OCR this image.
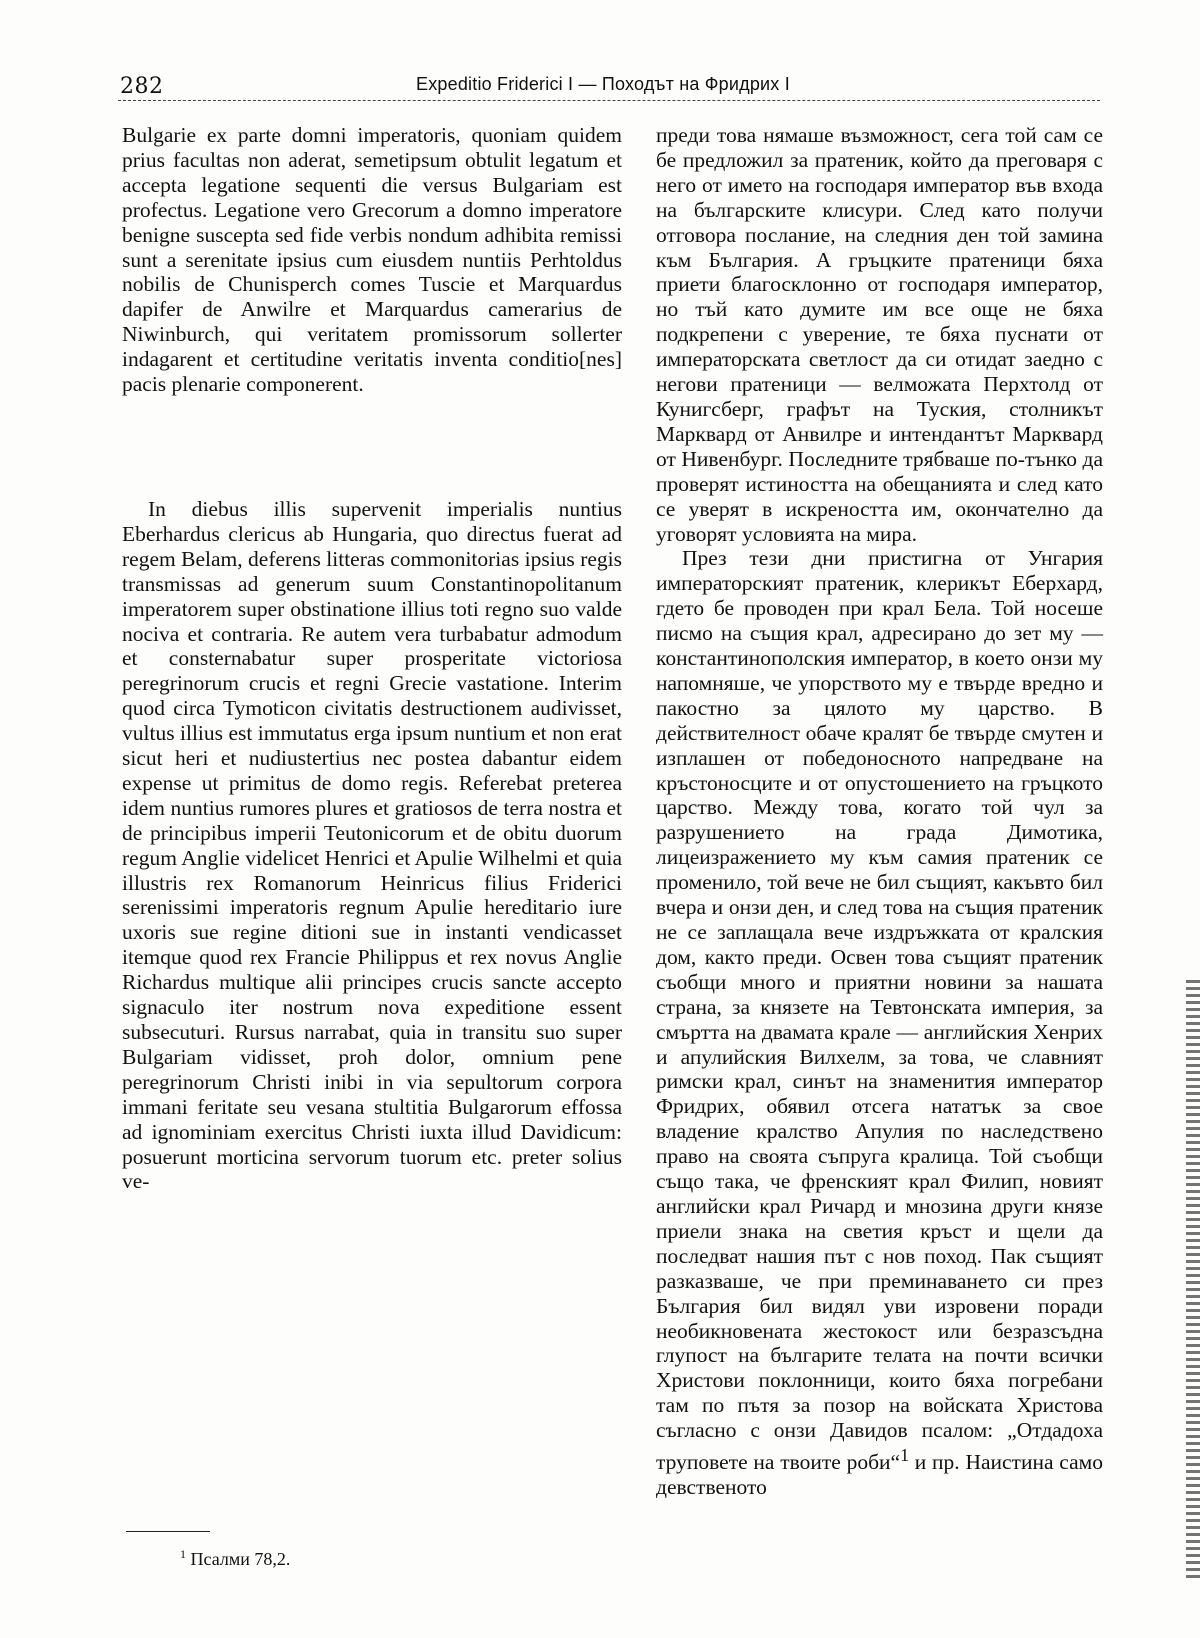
282	Expeditio Friderici I — Походът на Фридрих I

Bulgarie ex parte domni imperatoris, quoniam quidem prius facultas non aderat, semetipsum obtulit legatum et accepta legatione sequenti die versus Bulgariam est profectus. Legatione vero Grecorum a domno imperatore benigne suscepta sed fide verbis nondum adhibita remissi sunt a serenitate ipsius cum eiusdem nuntiis Perhtoldus nobilis de Chunisperch comes Tuscie et Marquardus dapifer de Anwilre et Marquardus camerarius de Niwinburch, qui veritatem promissorum sollerter indagarent et certitudine veritatis inventa conditio[nes] pacis plenarie componerent.

In diebus illis supervenit imperialis nuntius Eberhardus clericus ab Hungaria, quo directus fuerat ad regem Belam, deferens litteras commonitorias ipsius regis transmissas ad generum suum Constantinopolitanum imperatorem super obstinatione illius toti regno suo valde nociva et contraria. Re autem vera turbabatur admodum et consternabatur super prosperitate victoriosa peregrinorum crucis et regni Grecie vastatione. Interim quod circa Tymoticon civitatis destructionem audivisset, vultus illius est immutatus erga ipsum nuntium et non erat sicut heri et nudiustertius nec postea dabantur eidem expense ut primitus de domo regis. Referebat preterea idem nuntius rumores plures et gratiosos de terra nostra et de principibus imperii Teutonicorum et de obitu duorum regum Anglie videlicet Henrici et Apulie Wilhelmi et quia illustris rex Romanorum Heinricus filius Friderici serenissimi imperatoris regnum Apulie hereditario iure uxoris sue regine ditioni sue in instanti vendicasset itemque quod rex Francie Philippus et rex novus Anglie Richardus multique alii principes crucis sancte accepto signaculo iter nostrum nova expeditione essent subsecuturi. Rursus narrabat, quia in transitu suo super Bulgariam vidisset, proh dolor, omnium pene peregrinorum Christi inibi in via sepultorum corpora immani feritate seu vesana stultitia Bulgarorum effossa ad ignominiam exercitus Christi iuxta illud Davidicum: posuerunt morticina servorum tuorum etc. preter solius ve-

преди това нямаше възможност, сега той сам се бе предложил за пратеник, който да преговаря с него от името на господаря император във входа на българските клисури. След като получи отговора послание, на следния ден той замина към България. А гръцките пратеници бяха приети благосклонно от господаря император, но тъй като думите им все още не бяха подкрепени с уверение, те бяха пуснати от императорската светлост да си отидат заедно с негови пратеници — велможата Перхтолд от Кунигсберг, графът на Туския, столникът Марквард от Анвилре и интендантът Марквард от Нивенбург. Последните трябваше по-тънко да проверят истиността на обещанията и след като се уверят в искреността им, окончателно да уговорят условията на мира.

През тези дни пристигна от Унгария императорският пратеник, клерикът Еберхард, гдето бе проводен при крал Бела. Той носеше писмо на същия крал, адресирано до зет му — константинополския император, в което онзи му напомняше, че упорството му е твърде вредно и пакостно за цялото му царство. В действителност обаче кралят бе твърде смутен и изплашен от победоносното напредване на кръстоносците и от опустошението на гръцкото царство. Между това, когато той чул за разрушението на града Димотика, лицеизражението му към самия пратеник се променило, той вече не бил същият, какъвто бил вчера и онзи ден, и след това на същия пратеник не се заплащала вече издръжката от кралския дом, както преди. Освен това същият пратеник съобщи много и приятни новини за нашата страна, за князете на Тевтонската империя, за смъртта на двамата крале — английския Хенрих и апулийския Вилхелм, за това, че славният римски крал, синът на знаменития император Фридрих, обявил отсега нататък за свое владение кралство Апулия по наследствено право на своята съпруга кралица. Той съобщи също така, че френският крал Филип, новият английски крал Ричард и мнозина други князе приели знака на светия кръст и щели да последват нашия път с нов поход. Пак същият разказваше, че при преминаването си през България бил видял уви изровени поради необикновената жестокост или безразсъдна глупост на българите телата на почти всички Христови поклонници, които бяха погребани там по пътя за позор на войската Христова съгласно с онзи Давидов псалом: „Отдадоха труповете на твоите роби“$^1$ и пр. Наистина само девственото

$^1$ Псалми 78,2.
